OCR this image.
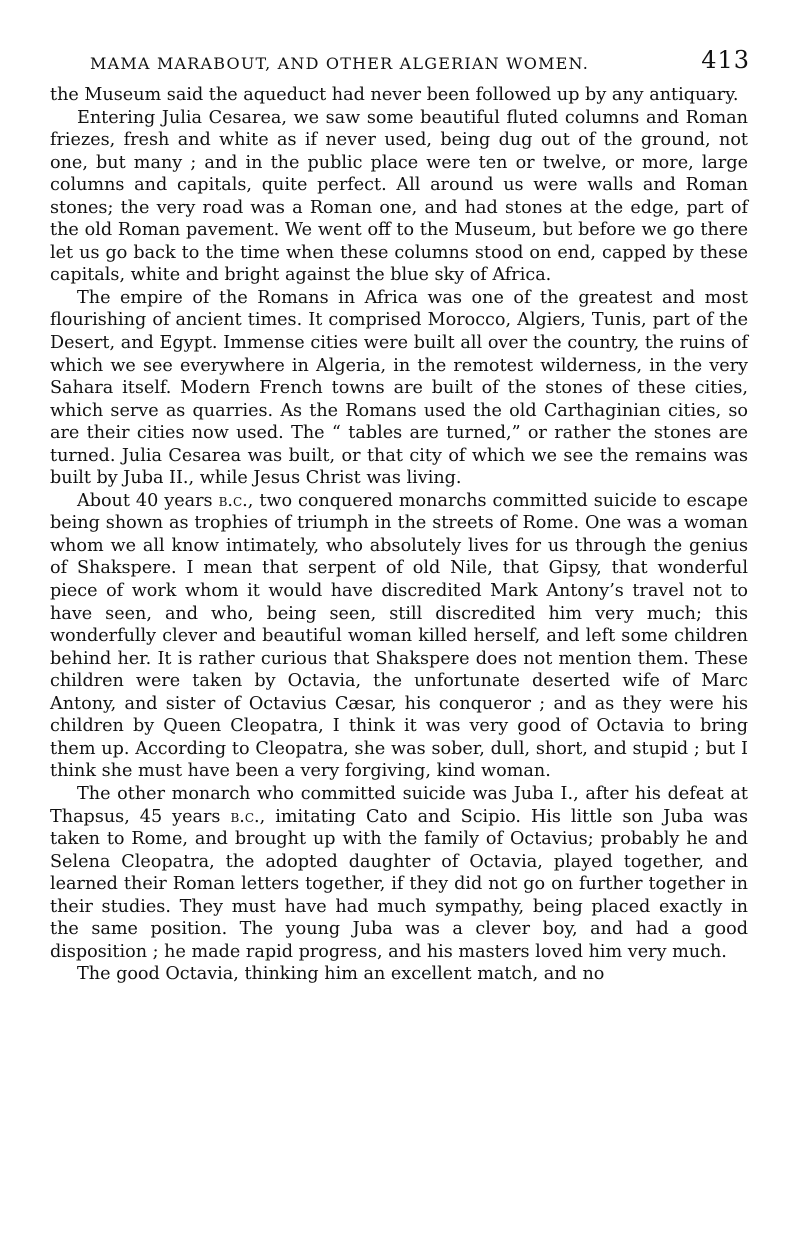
MAMA MARABOUT, AND OTHER ALGERIAN WOMEN.	413

the Museum said the aqueduct had never been followed up by any antiquary.

Entering Julia Cesarea, we saw some beautiful fluted columns and Roman friezes, fresh and white as if never used, being dug out of the ground, not one, but many ; and in the public place were ten or twelve, or more, large columns and capitals, quite perfect. All around us were walls and Roman stones; the very road was a Roman one, and had stones at the edge, part of the old Roman pavement. We went off to the Museum, but before we go there let us go back to the time when these columns stood on end, capped by these capitals, white and bright against the blue sky of Africa.

The empire of the Romans in Africa was one of the greatest and most flourishing of ancient times. It comprised Morocco, Algiers, Tunis, part of the Desert, and Egypt. Immense cities were built all over the country, the ruins of which we see everywhere in Algeria, in the remotest wilderness, in the very Sahara itself. Modern French towns are built of the stones of these cities, which serve as quarries. As the Romans used the old Carthaginian cities, so are their cities now used. The “ tables are turned,” or rather the stones are turned. Julia Cesarea was built, or that city of which we see the remains was built by Juba II., while Jesus Christ was living.

About 40 years b.c., two conquered monarchs committed suicide to escape being shown as trophies of triumph in the streets of Rome. One was a woman whom we all know intimately, who absolutely lives for us through the genius of Shakspere. I mean that serpent of old Nile, that Gipsy, that wonderful piece of work whom it would have discredited Mark Antony’s travel not to have seen, and who, being seen, still discredited him very much; this wonderfully clever and beautiful woman killed herself, and left some children behind her. It is rather curious that Shakspere does not mention them. These children were taken by Octavia, the unfortunate deserted wife of Marc Antony, and sister of Octavius Cæsar, his conqueror ; and as they were his children by Queen Cleopatra, I think it was very good of Octavia to bring them up. According to Cleopatra, she was sober, dull, short, and stupid ; but I think she must have been a very forgiving, kind woman.

The other monarch who committed suicide was Juba I., after his defeat at Thapsus, 45 years b.c., imitating Cato and Scipio. His little son Juba was taken to Rome, and brought up with the family of Octavius; probably he and Selena Cleopatra, the adopted daughter of Octavia, played together, and learned their Roman letters together, if they did not go on further together in their studies. They must have had much sympathy, being placed exactly in the same position. The young Juba was a clever boy, and had a good disposition ; he made rapid progress, and his masters loved him very much.

The good Octavia, thinking him an excellent match, and no
